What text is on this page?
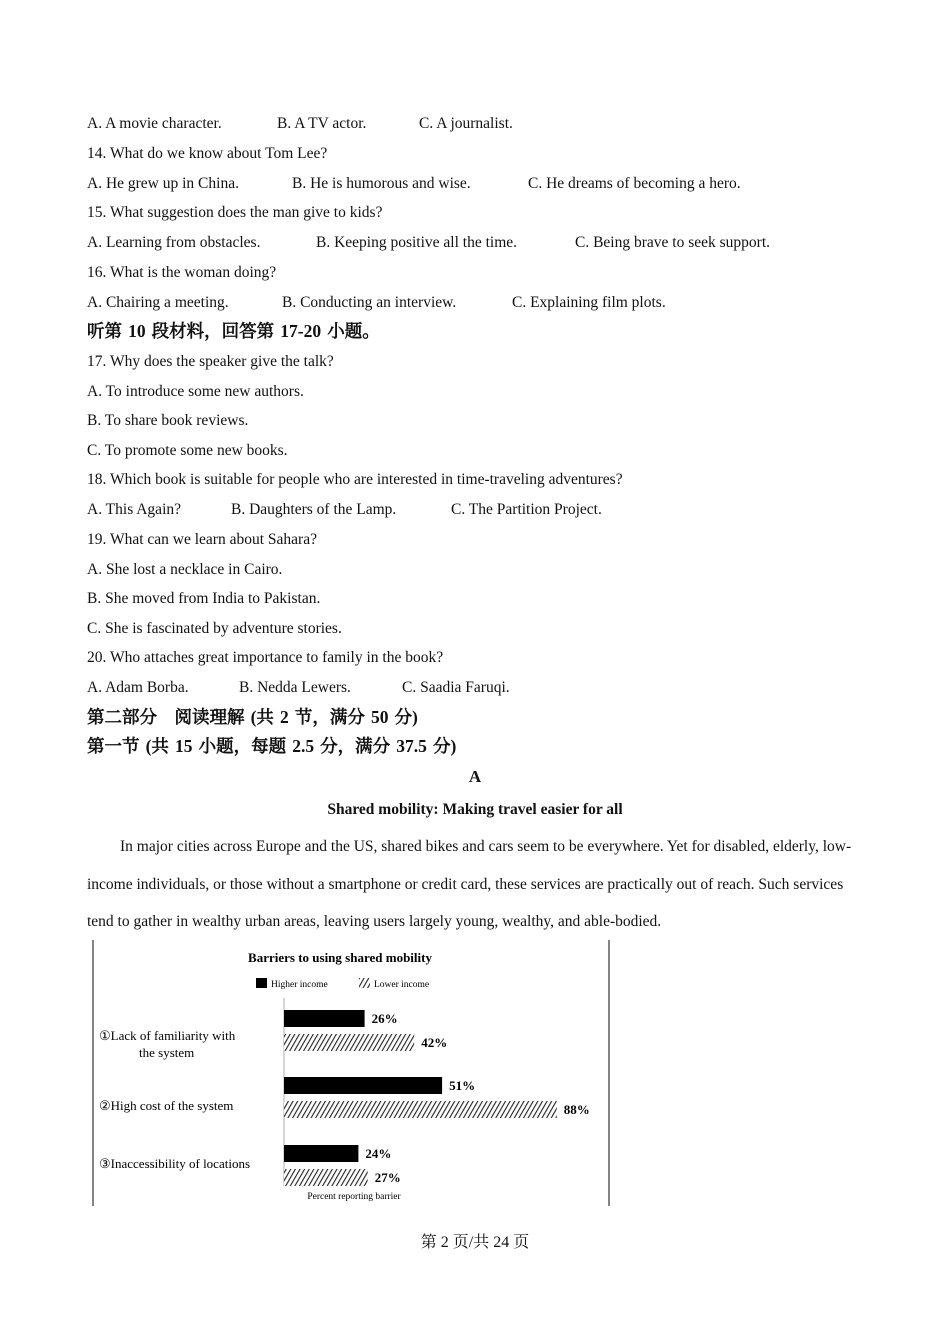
A. A movie character.	B. A TV actor.	C. A journalist.
14. What do we know about Tom Lee?
A. He grew up in China.	B. He is humorous and wise.	C. He dreams of becoming a hero.
15. What suggestion does the man give to kids?
A. Learning from obstacles.	B. Keeping positive all the time.	C. Being brave to seek support.
16. What is the woman doing?
A. Chairing a meeting.	B. Conducting an interview.	C. Explaining film plots.
听第 10 段材料，回答第 17-20 小题。
17. Why does the speaker give the talk?
A. To introduce some new authors.
B. To share book reviews.
C. To promote some new books.
18. Which book is suitable for people who are interested in time-traveling adventures?
A. This Again?	B. Daughters of the Lamp.	C. The Partition Project.
19. What can we learn about Sahara?
A. She lost a necklace in Cairo.
B. She moved from India to Pakistan.
C. She is fascinated by adventure stories.
20. Who attaches great importance to family in the book?
A. Adam Borba.	B. Nedda Lewers.	C. Saadia Faruqi.
第二部分　阅读理解 (共 2 节，满分 50 分)
第一节 (共 15 小题，每题 2.5 分，满分 37.5 分)
A
Shared mobility: Making travel easier for all

In major cities across Europe and the US, shared bikes and cars seem to be everywhere. Yet for disabled, elderly, low-income individuals, or those without a smartphone or credit card, these services are practically out of reach. Such services tend to gather in wealthy urban areas, leaving users largely young, wealthy, and able-bodied.

Barriers to using shared mobility
Higher income	Lower income
①Lack of familiarity with
the system
②High cost of the system
③Inaccessibility of locations
26%
51%
24%
42%
88%
27%
Percent reporting barrier
第 2 页/共 24 页
